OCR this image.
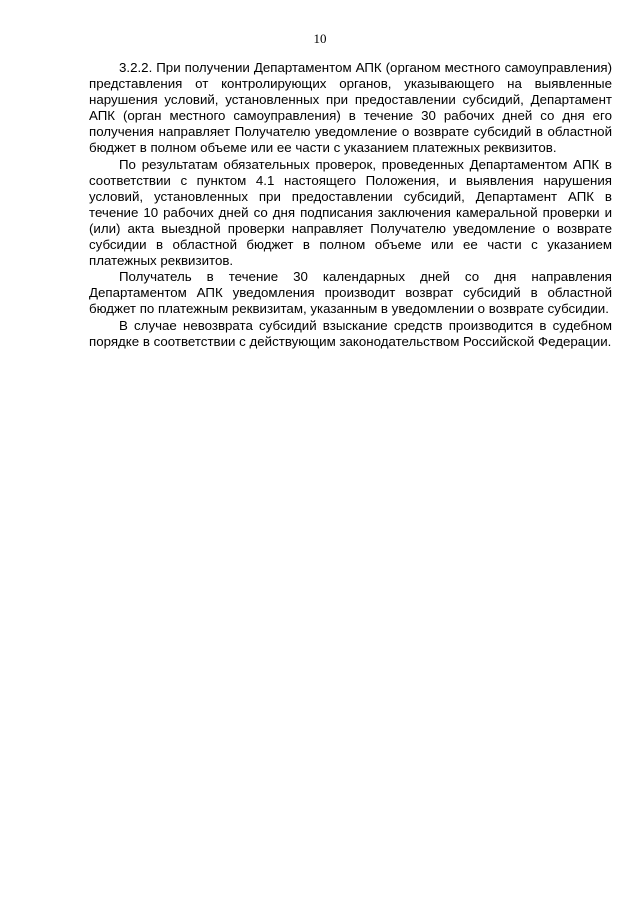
10

3.2.2. При получении Департаментом АПК (органом местного самоуправления) представления от контролирующих органов, указывающего на выявленные нарушения условий, установленных при предоставлении субсидий, Департамент АПК (орган местного самоуправления) в течение 30 рабочих дней со дня его получения направляет Получателю уведомление о возврате субсидий в областной бюджет в полном объеме или ее части с указанием платежных реквизитов.

По результатам обязательных проверок, проведенных Департаментом АПК в соответствии с пунктом 4.1 настоящего Положения, и выявления нарушения условий, установленных при предоставлении субсидий, Департамент АПК в течение 10 рабочих дней со дня подписания заключения камеральной проверки и (или) акта выездной проверки направляет Получателю уведомление о возврате субсидии в областной бюджет в полном объеме или ее части с указанием платежных реквизитов.

Получатель в течение 30 календарных дней со дня направления Департаментом АПК уведомления производит возврат субсидий в областной бюджет по платежным реквизитам, указанным в уведомлении о возврате субсидии.

В случае невозврата субсидий взыскание средств производится в судебном порядке в соответствии с действующим законодательством Российской Федерации.
